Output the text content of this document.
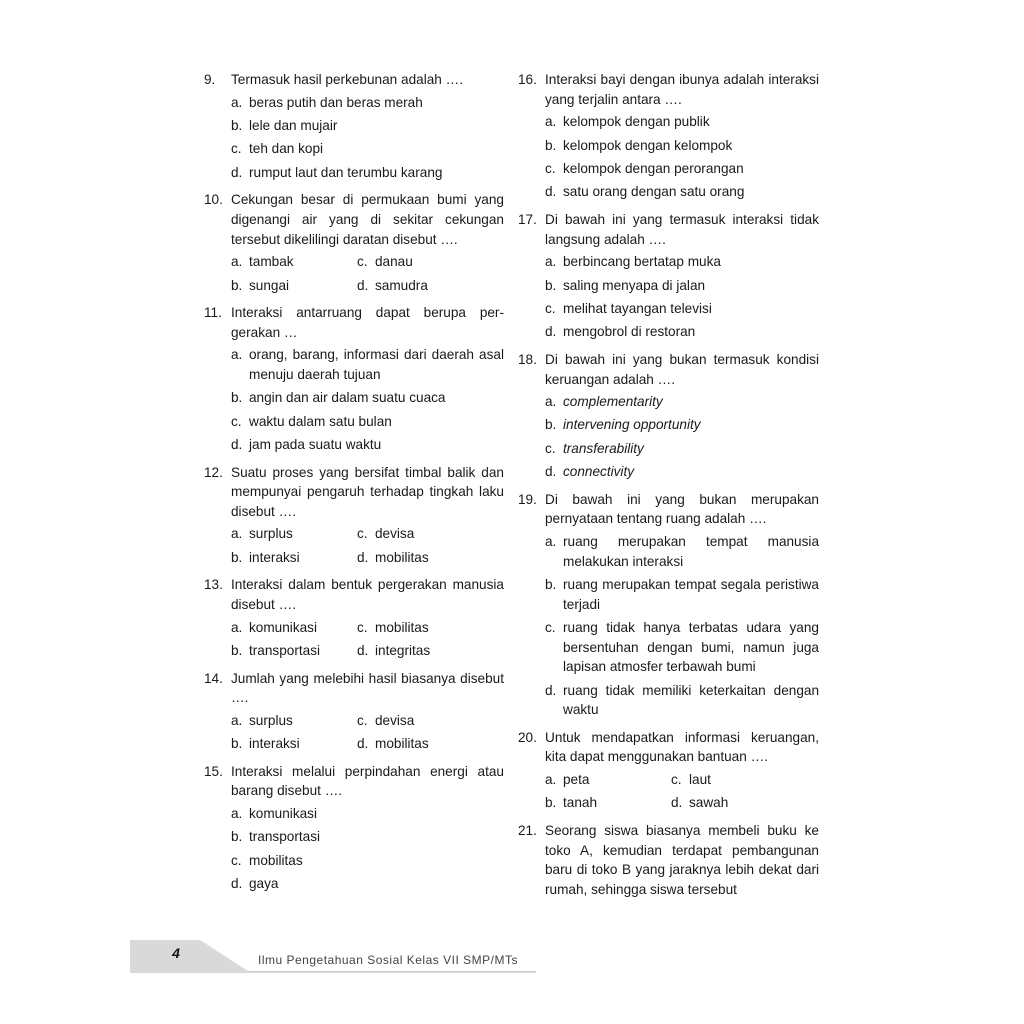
9. Termasuk hasil perkebunan adalah ….
a. beras putih dan beras merah
b. lele dan mujair
c. teh dan kopi
d. rumput laut dan terumbu karang
10. Cekungan besar di permukaan bumi yang digenangi air yang di sekitar cekungan tersebut dikelilingi daratan disebut ….
a. tambak	c. danau
b. sungai	d. samudra
11. Interaksi antarruang dapat berupa per-gerakan …
a. orang, barang, informasi dari daerah asal menuju daerah tujuan
b. angin dan air dalam suatu cuaca
c. waktu dalam satu bulan
d. jam pada suatu waktu
12. Suatu proses yang bersifat timbal balik dan mempunyai pengaruh terhadap tingkah laku disebut ….
a. surplus	c. devisa
b. interaksi	d. mobilitas
13. Interaksi dalam bentuk pergerakan manusia disebut ….
a. komunikasi	c. mobilitas
b. transportasi	d. integritas
14. Jumlah yang melebihi hasil biasanya disebut ….
a. surplus	c. devisa
b. interaksi	d. mobilitas
15. Interaksi melalui perpindahan energi atau barang disebut ….
a. komunikasi
b. transportasi
c. mobilitas
d. gaya
16. Interaksi bayi dengan ibunya adalah interaksi yang terjalin antara ….
a. kelompok dengan publik
b. kelompok dengan kelompok
c. kelompok dengan perorangan
d. satu orang dengan satu orang
17. Di bawah ini yang termasuk interaksi tidak langsung adalah ….
a. berbincang bertatap muka
b. saling menyapa di jalan
c. melihat tayangan televisi
d. mengobrol di restoran
18. Di bawah ini yang bukan termasuk kondisi keruangan adalah ….
a. complementarity
b. intervening opportunity
c. transferability
d. connectivity
19. Di bawah ini yang bukan merupakan pernyataan tentang ruang adalah ….
a. ruang merupakan tempat manusia melakukan interaksi
b. ruang merupakan tempat segala peristiwa terjadi
c. ruang tidak hanya terbatas udara yang bersentuhan dengan bumi, namun juga lapisan atmosfer terbawah bumi
d. ruang tidak memiliki keterkaitan dengan waktu
20. Untuk mendapatkan informasi keruangan, kita dapat menggunakan bantuan ….
a. peta	c. laut
b. tanah	d. sawah
21. Seorang siswa biasanya membeli buku ke toko A, kemudian terdapat pembangunan baru di toko B yang jaraknya lebih dekat dari rumah, sehingga siswa tersebut
4	Ilmu Pengetahuan Sosial Kelas VII SMP/MTs
